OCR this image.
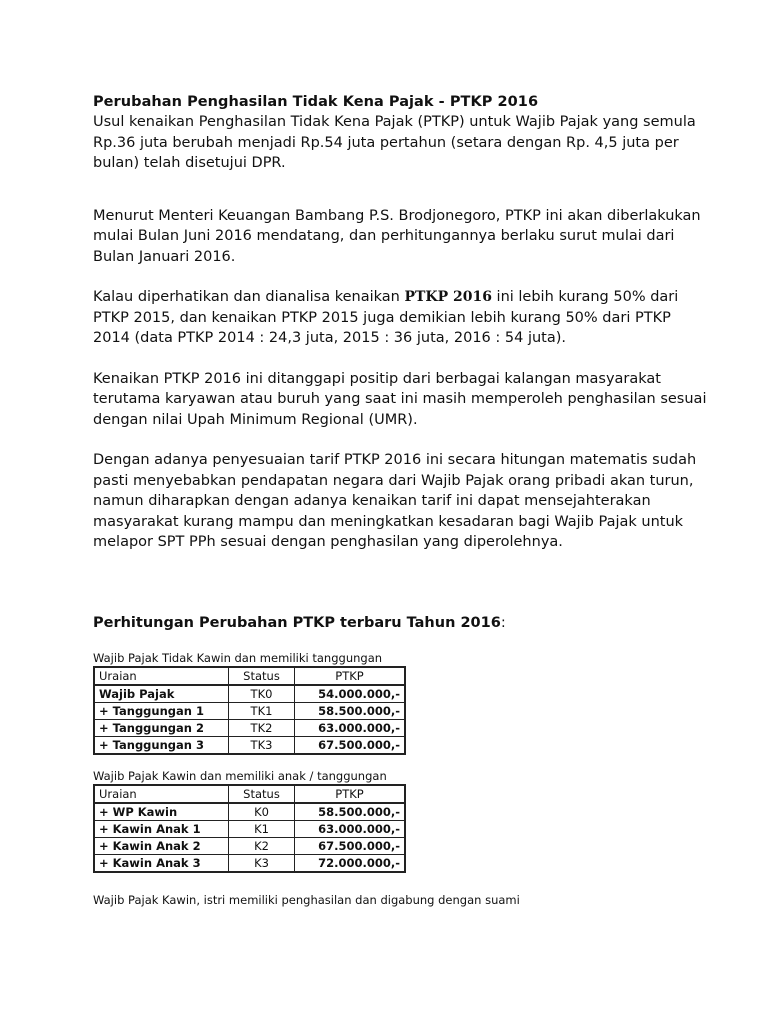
Perubahan Penghasilan Tidak Kena Pajak - PTKP 2016

Usul kenaikan Penghasilan Tidak Kena Pajak (PTKP) untuk Wajib Pajak yang semula Rp.36 juta berubah menjadi Rp.54 juta pertahun (setara dengan Rp. 4,5 juta per bulan) telah disetujui DPR.

Menurut Menteri Keuangan Bambang P.S. Brodjonegoro, PTKP ini akan diberlakukan mulai Bulan Juni 2016 mendatang, dan perhitungannya berlaku surut mulai dari Bulan Januari 2016.

Kalau diperhatikan dan dianalisa kenaikan PTKP 2016 ini lebih kurang 50% dari PTKP 2015, dan kenaikan PTKP 2015 juga demikian lebih kurang 50% dari PTKP 2014 (data PTKP 2014 : 24,3 juta, 2015 : 36 juta, 2016 : 54 juta).

Kenaikan PTKP 2016 ini ditanggapi positip dari berbagai kalangan masyarakat terutama karyawan atau buruh yang saat ini masih memperoleh penghasilan sesuai dengan nilai Upah Minimum Regional (UMR).

Dengan adanya penyesuaian tarif PTKP 2016 ini secara hitungan matematis sudah pasti menyebabkan pendapatan negara dari Wajib Pajak orang pribadi akan turun, namun diharapkan dengan adanya kenaikan tarif ini dapat mensejahterakan masyarakat kurang mampu dan meningkatkan kesadaran bagi Wajib Pajak untuk melapor SPT PPh sesuai dengan penghasilan yang diperolehnya.

Perhitungan Perubahan PTKP terbaru Tahun 2016:

Wajib Pajak Tidak Kawin dan memiliki tanggungan

Uraian	Status	PTKP
Wajib Pajak	TK0	54.000.000,-
+ Tanggungan 1	TK1	58.500.000,-
+ Tanggungan 2	TK2	63.000.000,-
+ Tanggungan 3	TK3	67.500.000,-

Wajib Pajak Kawin dan memiliki anak / tanggungan

Uraian	Status	PTKP
+ WP Kawin	K0	58.500.000,-
+ Kawin Anak 1	K1	63.000.000,-
+ Kawin Anak 2	K2	67.500.000,-
+ Kawin Anak 3	K3	72.000.000,-

Wajib Pajak Kawin, istri memiliki penghasilan dan digabung dengan suami
